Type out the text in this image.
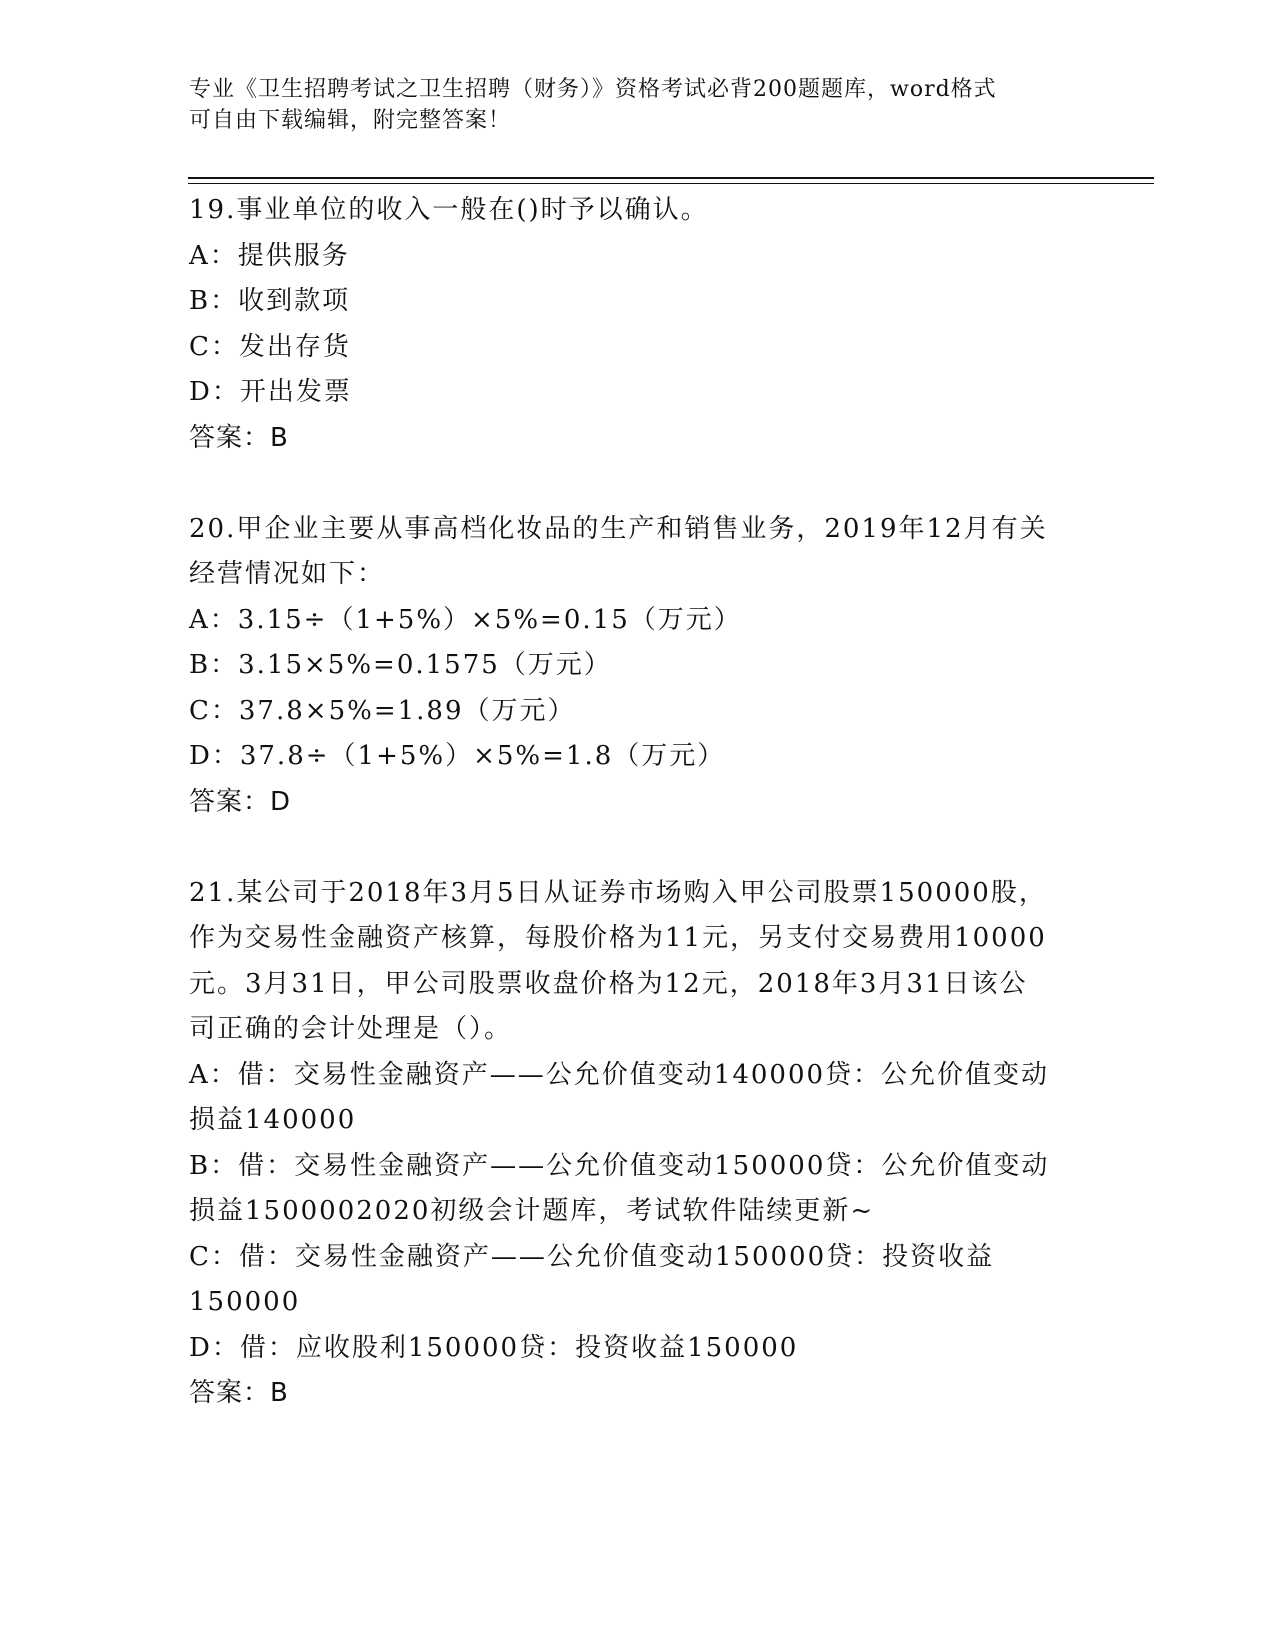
专业《卫生招聘考试之卫生招聘（财务）》资格考试必背200题题库，word格式
可自由下载编辑，附完整答案！
19.事业单位的收入一般在()时予以确认。
A：提供服务
B：收到款项
C：发出存货
D：开出发票
答案：B
20.甲企业主要从事高档化妆品的生产和销售业务，2019年12月有关
经营情况如下：
A：3.15÷（1+5%）×5%=0.15（万元）
B：3.15×5%=0.1575（万元）
C：37.8×5%=1.89（万元）
D：37.8÷（1+5%）×5%=1.8（万元）
答案：D
21.某公司于2018年3月5日从证券市场购入甲公司股票150000股，
作为交易性金融资产核算，每股价格为11元，另支付交易费用10000
元。3月31日，甲公司股票收盘价格为12元，2018年3月31日该公
司正确的会计处理是（）。
A：借：交易性金融资产——公允价值变动140000贷：公允价值变动
损益140000
B：借：交易性金融资产——公允价值变动150000贷：公允价值变动
损益1500002020初级会计题库，考试软件陆续更新~
C：借：交易性金融资产——公允价值变动150000贷：投资收益
150000
D：借：应收股利150000贷：投资收益150000
答案：B
